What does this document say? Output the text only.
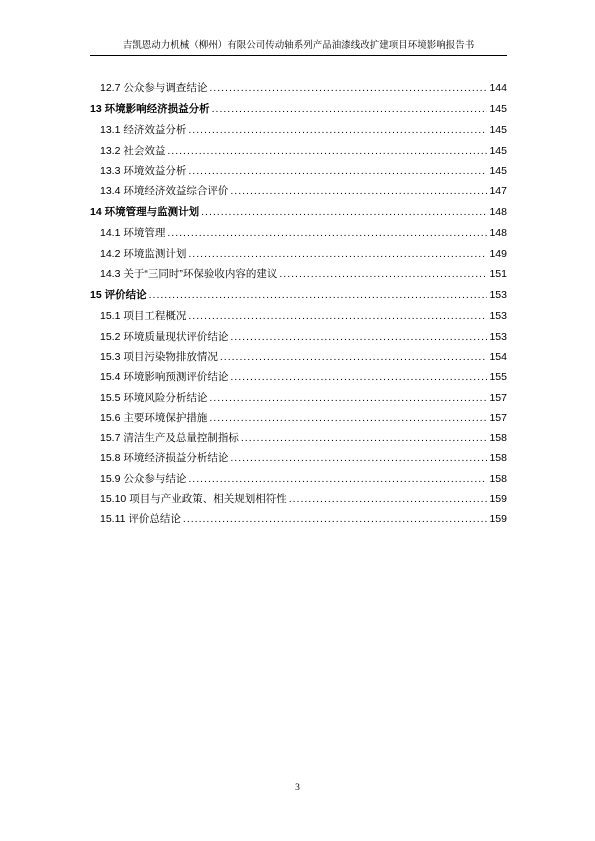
吉凯恩动力机械（柳州）有限公司传动轴系列产品油漆线改扩建项目环境影响报告书
12.7 公众参与调查结论 .....	144
13 环境影响经济损益分析 .....	145
13.1 经济效益分析 .....	145
13.2 社会效益 .....	145
13.3 环境效益分析 .....	145
13.4 环境经济效益综合评价 .....	147
14 环境管理与监测计划 .....	148
14.1 环境管理 .....	148
14.2 环境监测计划 .....	149
14.3 关于“三同时”环保验收内容的建议 .....	151
15 评价结论 .....	153
15.1 项目工程概况 .....	153
15.2 环境质量现状评价结论 .....	153
15.3 项目污染物排放情况 .....	154
15.4 环境影响预测评价结论 .....	155
15.5 环境风险分析结论 .....	157
15.6 主要环境保护措施 .....	157
15.7 清洁生产及总量控制指标 .....	158
15.8 环境经济损益分析结论 .....	158
15.9 公众参与结论 .....	158
15.10 项目与产业政策、相关规划相符性 .....	159
15.11 评价总结论 .....	159
3
